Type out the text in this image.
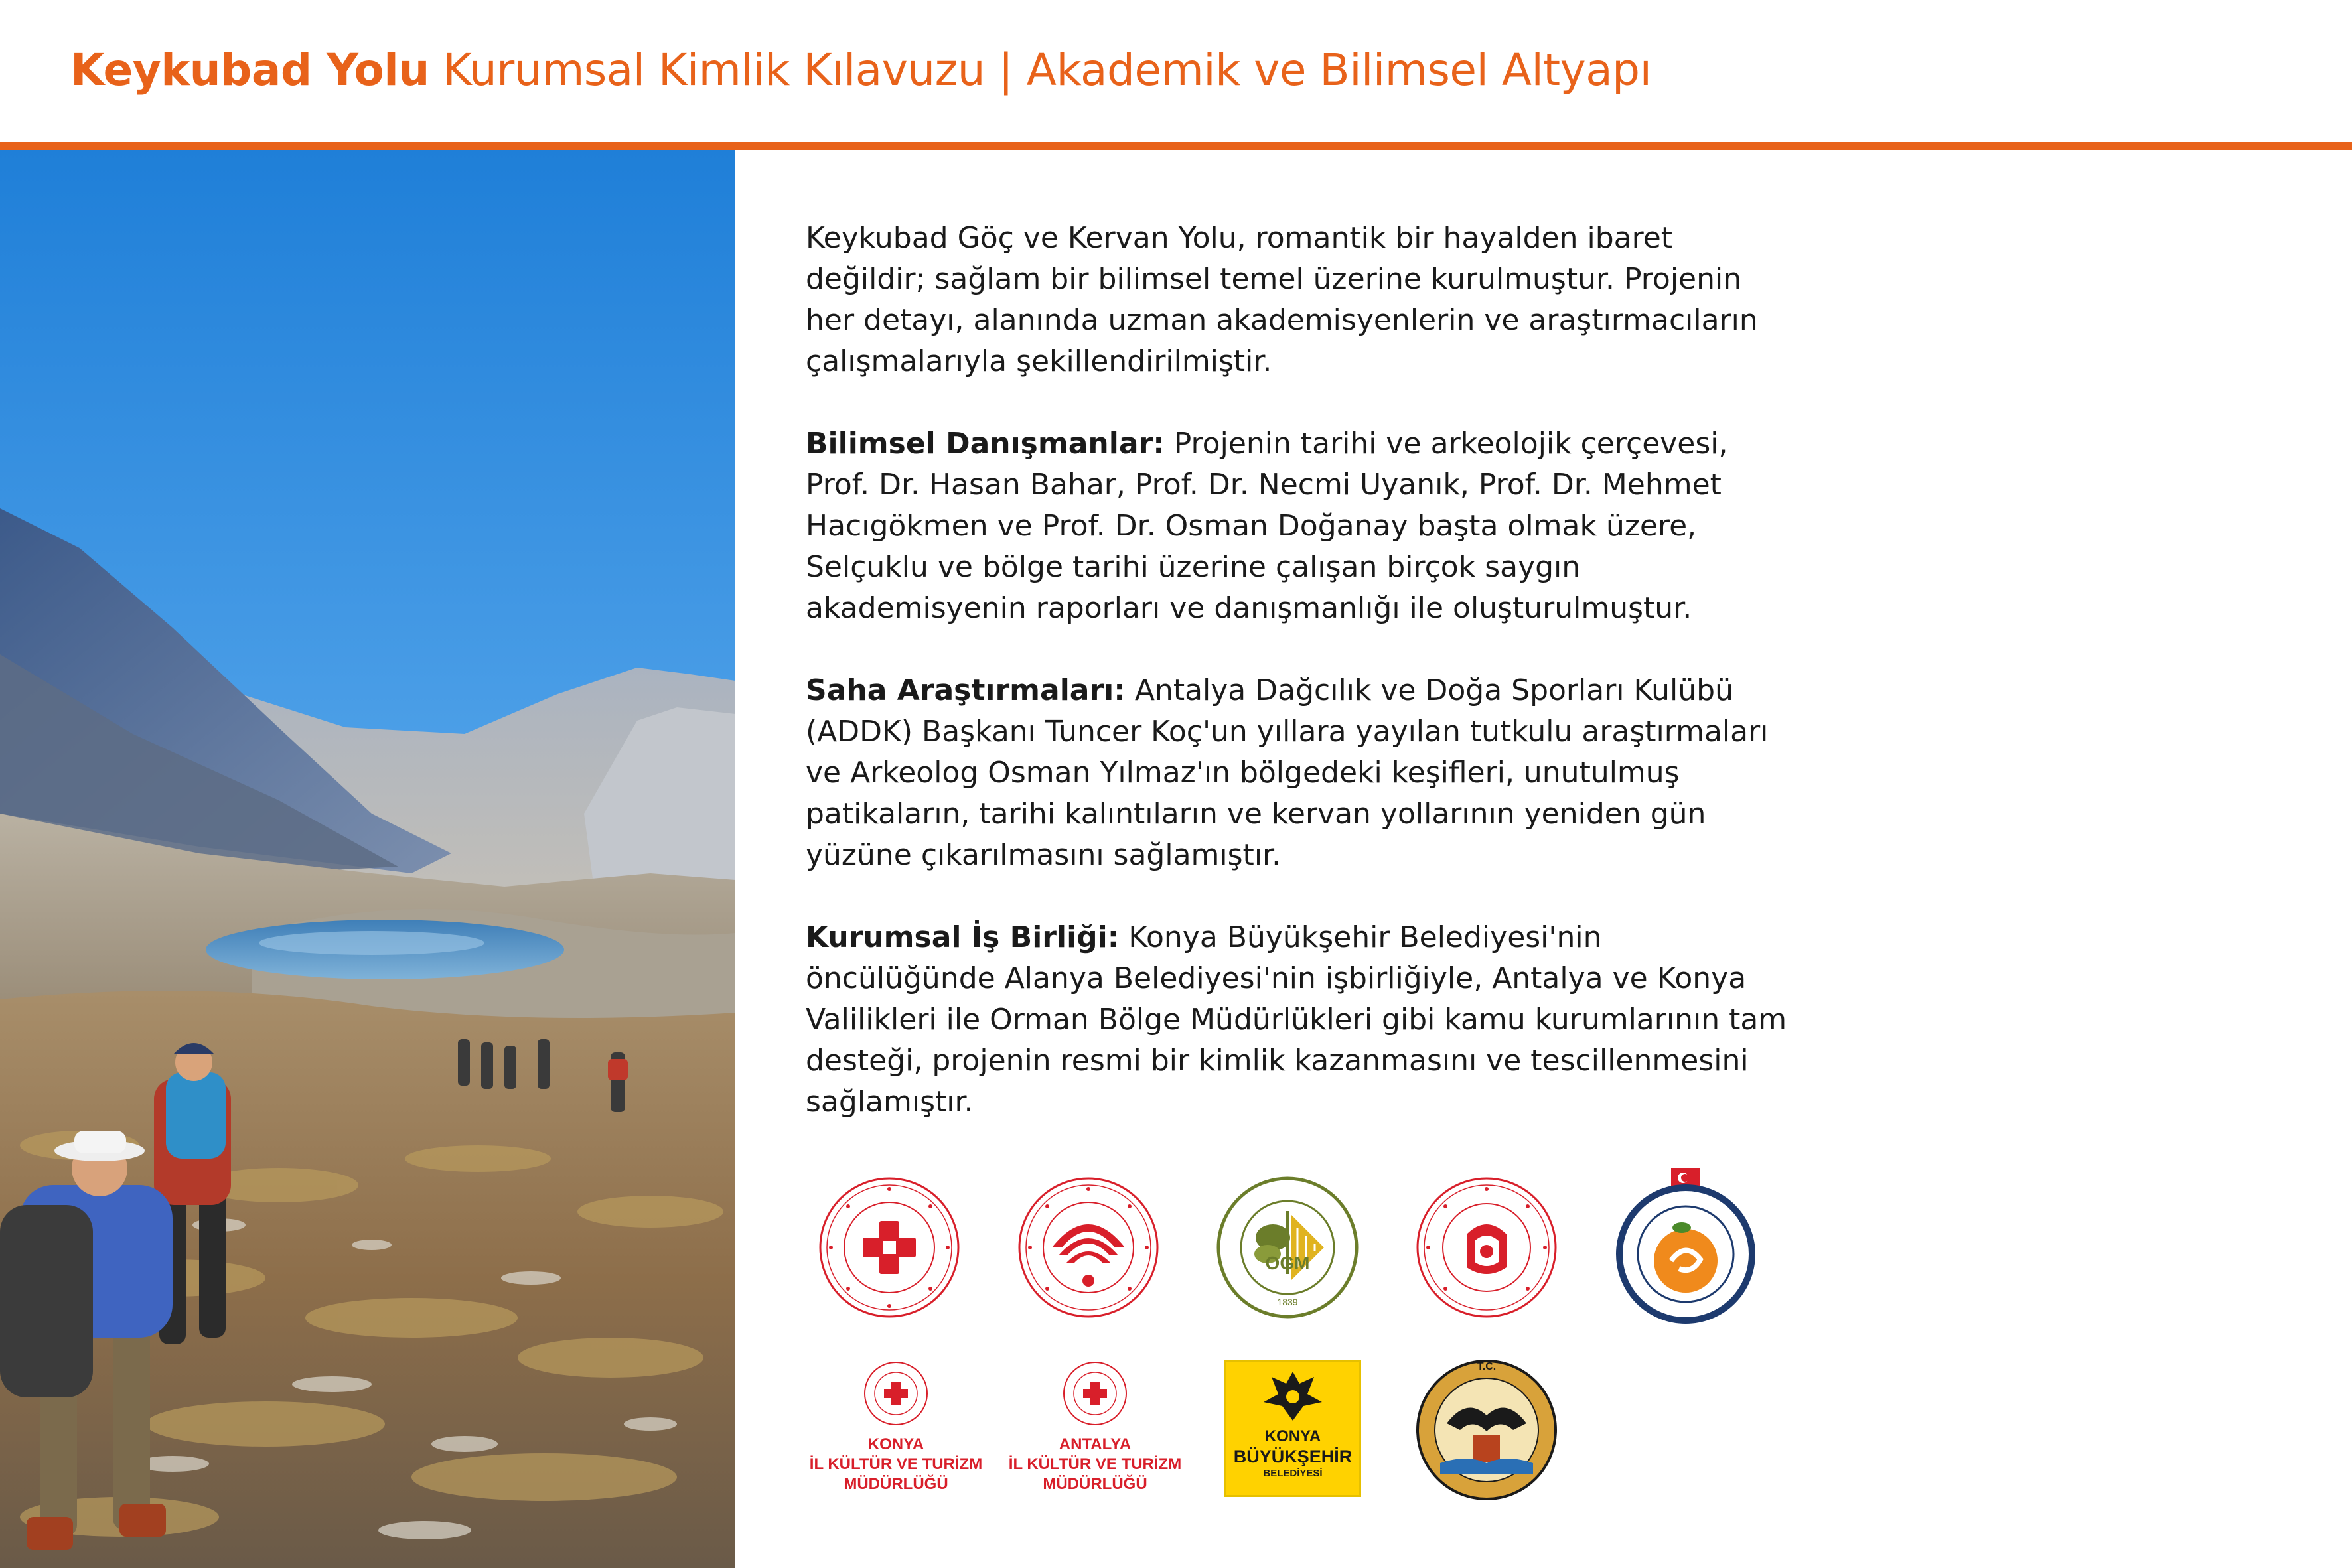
Keykubad Yolu Kurumsal Kimlik Kılavuzu | Akademik ve Bilimsel Altyapı

Keykubad Göç ve Kervan Yolu, romantik bir hayalden ibaret değildir; sağlam bir bilimsel temel üzerine kurulmuştur. Projenin her detayı, alanında uzman akademisyenlerin ve araştırmacıların çalışmalarıyla şekillendirilmiştir.

Bilimsel Danışmanlar: Projenin tarihi ve arkeolojik çerçevesi, Prof. Dr. Hasan Bahar, Prof. Dr. Necmi Uyanık, Prof. Dr. Mehmet Hacıgökmen ve Prof. Dr. Osman Doğanay başta olmak üzere, Selçuklu ve bölge tarihi üzerine çalışan birçok saygın akademisyenin raporları ve danışmanlığı ile oluşturulmuştur.

Saha Araştırmaları: Antalya Dağcılık ve Doğa Sporları Kulübü (ADDK) Başkanı Tuncer Koç'un yıllara yayılan tutkulu araştırmaları ve Arkeolog Osman Yılmaz'ın bölgedeki keşifleri, unutulmuş patikaların, tarihi kalıntıların ve kervan yollarının yeniden gün yüzüne çıkarılmasını sağlamıştır.

Kurumsal İş Birliği: Konya Büyükşehir Belediyesi'nin öncülüğünde Alanya Belediyesi'nin işbirliğiyle, Antalya ve Konya Valilikleri ile Orman Bölge Müdürlükleri gibi kamu kurumlarının tam desteği, projenin resmi bir kimlik kazanmasını ve tescillenmesini sağlamıştır.

OGM
1839
KONYA
İL KÜLTÜR VE TURİZM
MÜDÜRLÜĞÜ
ANTALYA
İL KÜLTÜR VE TURİZM
MÜDÜRLÜĞÜ
KONYA
BÜYÜKŞEHİR
BELEDİYESİ
T.C.
